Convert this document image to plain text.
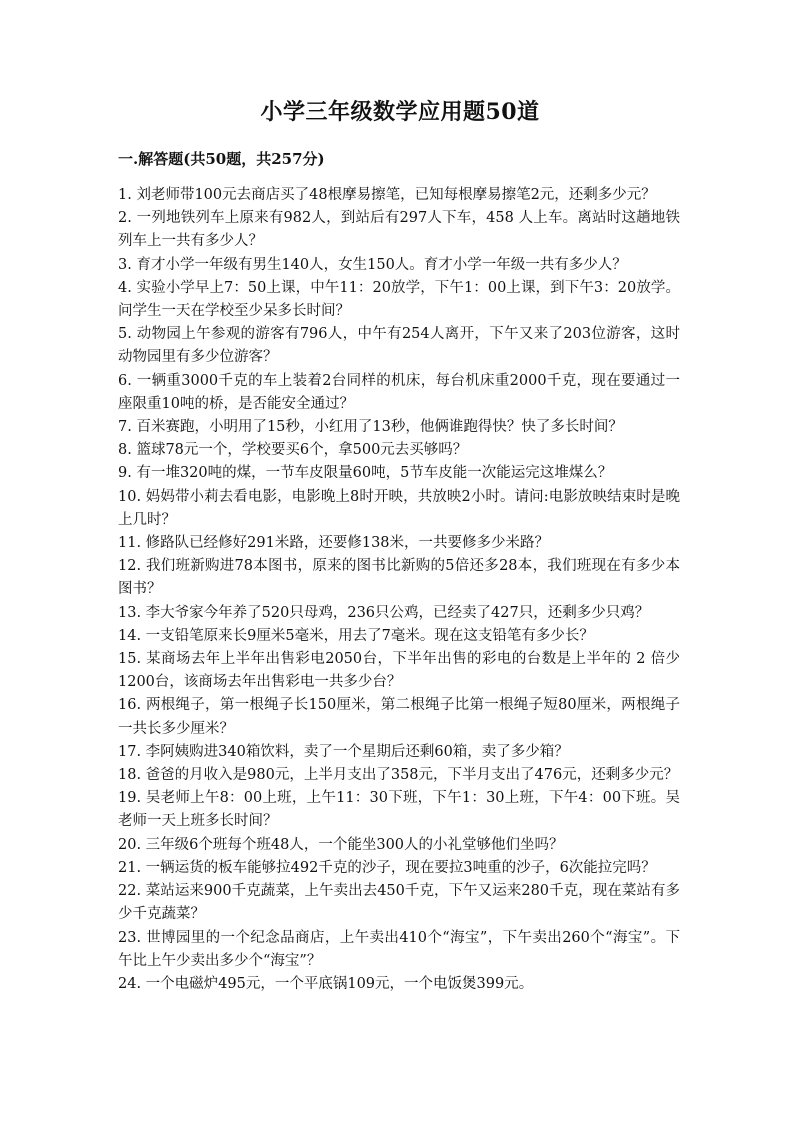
小学三年级数学应用题50道
一.解答题(共50题，共257分)
1. 刘老师带100元去商店买了48根摩易擦笔，已知每根摩易擦笔2元，还剩多少元？
2. 一列地铁列车上原来有982人，到站后有297人下车，458 人上车。离站时这趟地铁列车上一共有多少人？
3. 育才小学一年级有男生140人，女生150人。育才小学一年级一共有多少人？
4. 实验小学早上7：50上课，中午11：20放学，下午1：00上课，到下午3：20放学。问学生一天在学校至少呆多长时间？
5. 动物园上午参观的游客有796人，中午有254人离开，下午又来了203位游客，这时动物园里有多少位游客？
6. 一辆重3000千克的车上装着2台同样的机床，每台机床重2000千克，现在要通过一座限重10吨的桥，是否能安全通过？
7. 百米赛跑，小明用了15秒，小红用了13秒，他俩谁跑得快？快了多长时间？
8. 篮球78元一个，学校要买6个，拿500元去买够吗？
9. 有一堆320吨的煤，一节车皮限量60吨，5节车皮能一次能运完这堆煤么？
10. 妈妈带小莉去看电影，电影晚上8时开映，共放映2小时。请问:电影放映结束时是晚上几时？
11. 修路队已经修好291米路，还要修138米，一共要修多少米路？
12. 我们班新购进78本图书，原来的图书比新购的5倍还多28本，我们班现在有多少本图书？
13. 李大爷家今年养了520只母鸡，236只公鸡，已经卖了427只，还剩多少只鸡？
14. 一支铅笔原来长9厘米5毫米，用去了7毫米。现在这支铅笔有多少长？
15. 某商场去年上半年出售彩电2050台，下半年出售的彩电的台数是上半年的 2 倍少1200台，该商场去年出售彩电一共多少台？
16. 两根绳子，第一根绳子长150厘米，第二根绳子比第一根绳子短80厘米，两根绳子一共长多少厘米？
17. 李阿姨购进340箱饮料，卖了一个星期后还剩60箱，卖了多少箱？
18. 爸爸的月收入是980元，上半月支出了358元，下半月支出了476元，还剩多少元？
19. 吴老师上午8：00上班，上午11：30下班，下午1：30上班，下午4：00下班。吴老师一天上班多长时间？
20. 三年级6个班每个班48人，一个能坐300人的小礼堂够他们坐吗？
21. 一辆运货的板车能够拉492千克的沙子，现在要拉3吨重的沙子，6次能拉完吗？
22. 菜站运来900千克蔬菜，上午卖出去450千克，下午又运来280千克，现在菜站有多少千克蔬菜？
23. 世博园里的一个纪念品商店，上午卖出410个“海宝”，下午卖出260个“海宝”。下午比上午少卖出多少个“海宝”？
24. 一个电磁炉495元，一个平底锅109元，一个电饭煲399元。
